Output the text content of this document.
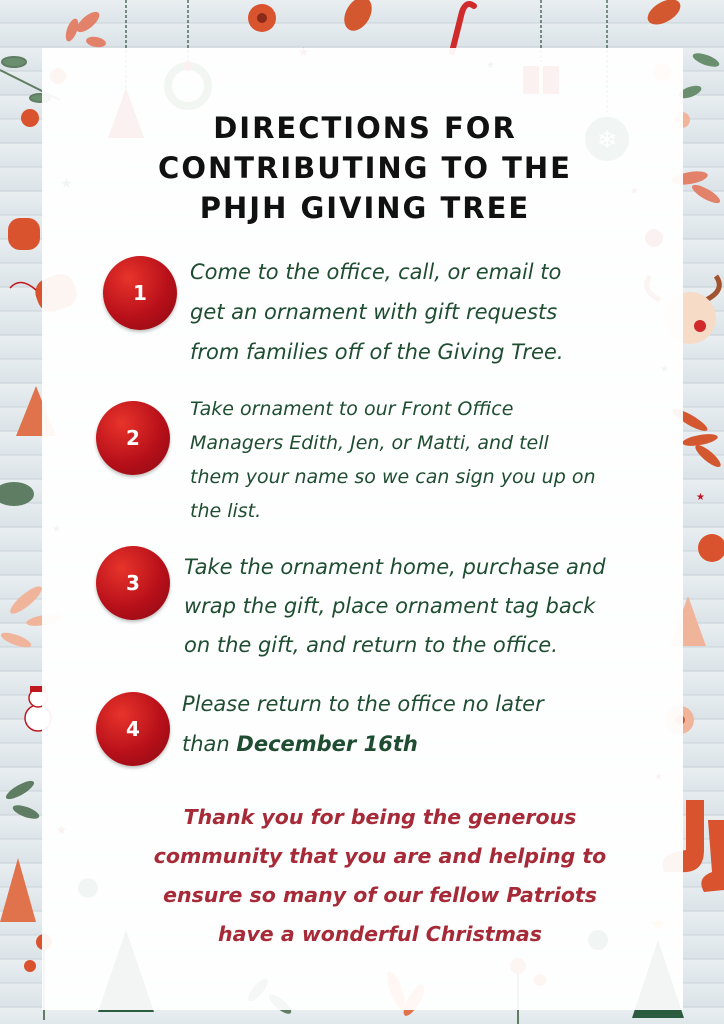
★
DIRECTIONS FOR
CONTRIBUTING TO THE
PHJH GIVING TREE
1
Come to the office, call, or email to
get an ornament with gift requests
from families off of the Giving Tree.
2
Take ornament to our Front Office
Managers Edith, Jen, or Matti, and tell
them your name so we can sign you up on
the list.
3
Take the ornament home, purchase and
wrap the gift, place ornament tag back
on the gift, and return to the office.
4
Please return to the office no later
than December 16th
Thank you for being the generous
community that you are and helping to
ensure so many of our fellow Patriots
have a wonderful Christmas
